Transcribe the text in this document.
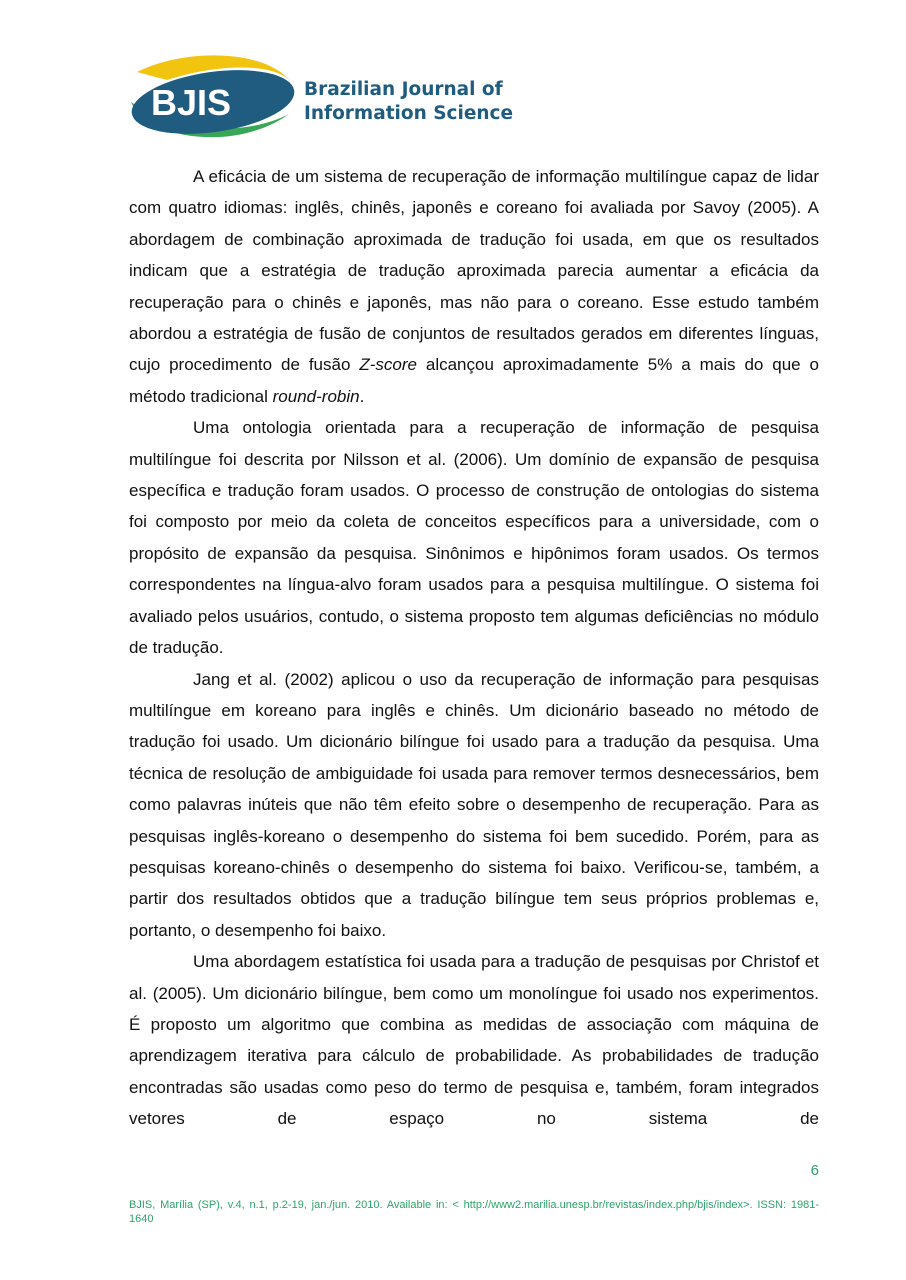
BJIS	Brazilian Journal of
Information Science

A eficácia de um sistema de recuperação de informação multilíngue capaz de lidar com quatro idiomas: inglês, chinês, japonês e coreano foi avaliada por Savoy (2005). A abordagem de combinação aproximada de tradução foi usada, em que os resultados indicam que a estratégia de tradução aproximada parecia aumentar a eficácia da recuperação para o chinês e japonês, mas não para o coreano. Esse estudo também abordou a estratégia de fusão de conjuntos de resultados gerados em diferentes línguas, cujo procedimento de fusão Z-score alcançou aproximadamente 5% a mais do que o método tradicional round-robin.

Uma ontologia orientada para a recuperação de informação de pesquisa multilíngue foi descrita por Nilsson et al. (2006). Um domínio de expansão de pesquisa específica e tradução foram usados. O processo de construção de ontologias do sistema foi composto por meio da coleta de conceitos específicos para a universidade, com o propósito de expansão da pesquisa. Sinônimos e hipônimos foram usados. Os termos correspondentes na língua-alvo foram usados para a pesquisa multilíngue. O sistema foi avaliado pelos usuários, contudo, o sistema proposto tem algumas deficiências no módulo de tradução.

Jang et al. (2002) aplicou o uso da recuperação de informação para pesquisas multilíngue em koreano para inglês e chinês. Um dicionário baseado no método de tradução foi usado. Um dicionário bilíngue foi usado para a tradução da pesquisa. Uma técnica de resolução de ambiguidade foi usada para remover termos desnecessários, bem como palavras inúteis que não têm efeito sobre o desempenho de recuperação. Para as pesquisas inglês-koreano o desempenho do sistema foi bem sucedido. Porém, para as pesquisas koreano-chinês o desempenho do sistema foi baixo. Verificou-se, também, a partir dos resultados obtidos que a tradução bilíngue tem seus próprios problemas e, portanto, o desempenho foi baixo.

Uma abordagem estatística foi usada para a tradução de pesquisas por Christof et al. (2005). Um dicionário bilíngue, bem como um monolíngue foi usado nos experimentos. É proposto um algoritmo que combina as medidas de associação com máquina de aprendizagem iterativa para cálculo de probabilidade. As probabilidades de tradução encontradas são usadas como peso do termo de pesquisa e, também, foram integrados vetores de espaço no sistema de

6
BJIS, Marília (SP), v.4, n.1, p.2-19, jan./jun. 2010. Available in: < http://www2.marilia.unesp.br/revistas/index.php/bjis/index>. ISSN: 1981-1640
